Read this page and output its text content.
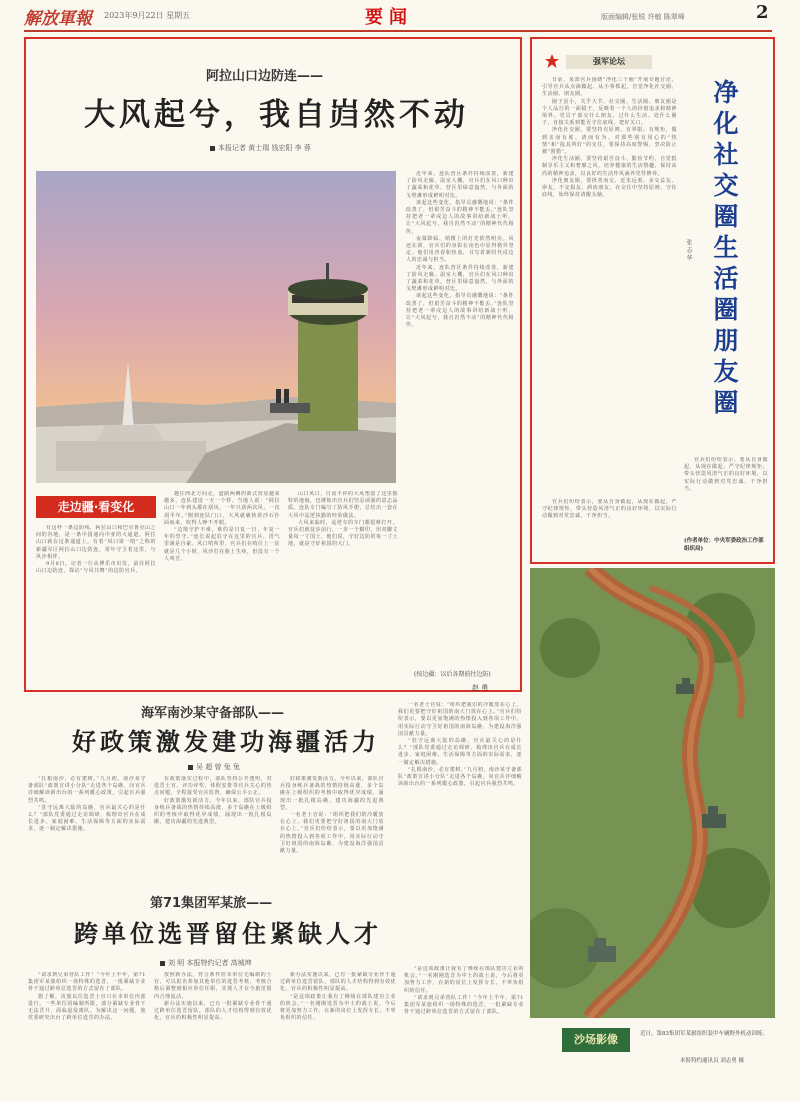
解放軍報 2023年9月22日 星期五	要闻	版面编辑/张锐 许敏 陈翠峰	2
阿拉山口边防连——
大风起兮，我自岿然不动
本报记者 黄士瑞 钱宏阳 李 蓉
走边疆·看变化

有这样一条边防线，阿拉山口和巴尔鲁克山之间的谷地，是一条中国通向中亚的大通道。阿拉山口就在这条通道上。有着“风口第一哨”之称的新疆军区阿拉山口边防连，常年守卫着这里，与风沙相伴。

9月8日，记者一行从博乐市出发，前往阿拉山口边防连，探访“与风共舞”的边防官兵。

越往西北方向走，道路两侧的新式营房越来越多，连队建设一天一个样。当地人说：“阿拉山口一年到头都在刮风，一年只刮两次风，一次刮半年。”刚到连队门口，大风就裹挟着沙石扑面而来，吹得人睁不开眼。

“边境守护不难，难的是日复一日、年复一年的坚守。”连长说起驻守在这里的官兵，语气里满是自豪。风口哨所里，官兵们在哨位上一站就是几个小时，风沙打在脸上生疼，但没有一个人叫苦。

山口风口，日夜不停的大风塑造了这里独特的地貌，也锤炼出官兵们坚忍顽强的意志品质。连队专门编写了防风手册，总结出一套在大风中巡逻执勤的经验做法。

大风来临时，巡逻车的车门都很难打开，官兵们就徒步前行，一步一个脚印，用双脚丈量每一寸国土。他们说，守好边防的每一寸土地，就是守好祖国的大门。

近年来，连队营区条件持续改善，新建了防风走廊、温室大棚，官兵们在风口种出了蔬菜和花草。营区里绿意盎然，与外面的戈壁滩形成鲜明对比。

谈起这些变化，指导员感慨地说：“条件改善了，但艰苦奋斗的精神不能丢。”连队坚持把老一辈戍边人的故事讲给新战士听，让“大风起兮，我自岿然不动”的精神代代相传。

夜幕降临，哨楼上的灯光依然明亮。风还在刮，官兵们的身影在夜色中显得格外坚定。他们用青春和热血，书写着新时代戍边人的忠诚与担当。

近年来，连队营区条件持续改善，新建了防风走廊、温室大棚，官兵们在风口种出了蔬菜和花草。营区里绿意盎然，与外面的戈壁滩形成鲜明对比。

谈起这些变化，指导员感慨地说：“条件改善了，但艰苦奋斗的精神不能丢。”连队坚持把老一辈戍边人的故事讲给新战士听，让“大风起兮，我自岿然不动”的精神代代相传。

(按边疆：以后各期前往边防)
赵 勇
强军论坛
净化社交圈生活圈朋友圈
张 志 华

日前，某部官兵围绕“净化三个圈”开展专题讨论，引导官兵从点滴做起、从小事抓起，自觉净化社交圈、生活圈、朋友圈。

圈子虽小，关乎大节。社交圈、生活圈、朋友圈是个人品行的一面镜子，反映着一个人的价值追求和精神境界。党员干部交什么朋友、过什么生活、处什么圈子，直接关系到能否守住底线、把好关口。

净化社交圈，要坚持有原则、有界限、有规矩，做到亲而有度、清而有为。对那些别有用心的“热情”和“投其所好”的交往，要保持高度警惕，坚决防止被“围猎”。

净化生活圈，要坚持艰苦奋斗、勤俭节约，自觉抵制享乐主义和奢靡之风，培养健康的生活情趣，保持高尚的精神追求，以良好的生活作风涵养党性修养。

净化朋友圈，要择善而交、近朱远墨，多交益友、诤友，不交损友、酒肉朋友，在交往中坚持原则、守住底线，始终保持清醒头脑。

官兵们纷纷表示，要从自身做起，从现在做起，严守纪律规矩，带头营造风清气正的良好环境，以实际行动做到对党忠诚、干净担当。

官兵们纷纷表示，要从自身做起，从现在做起，严守纪律规矩，带头营造风清气正的良好环境，以实际行动做到对党忠诚、干净担当。

(作者单位：中央军委政治工作部组织局)
海军南沙某守备部队——
好政策激发建功海疆活力
吴 超 曾 兔 兔

“扎根南沙，必有建树。”九月初，南沙某守备部队“政策宣讲小分队”走进各个岛礁，向官兵详细解读新出台的一系列暖心政策，引起官兵强烈共鸣。

“驻守远离大陆的岛礁，官兵最关心的是什么？”部队党委通过走访调研，梳理出官兵在成长进步、家庭困难、生活保障等方面的实际需求，逐一制定解决措施。

在政策落实过程中，部队坚持公开透明，对选晋士官、评功评奖、休假安排等官兵关心的热点问题，全程接受官兵监督，确保公平公正。

好政策激发新活力。今年以来，部队官兵投身练兵备战的热情持续高涨，多个岛礁在上级组织的考核中取得优异成绩，涌现出一批扎根岛礁、建功海疆的先进典型。

好政策激发新活力。今年以来，部队官兵投身练兵备战的热情持续高涨，多个岛礁在上级组织的考核中取得优异成绩，涌现出一批扎根岛礁、建功海疆的先进典型。

一名老士官说：“组织把我们的冷暖放在心上，我们更要把守好祖国的南大门放在心上。”官兵们纷纷表示，要以更加饱满的热情投入到各项工作中，用实际行动守卫好祖国的南海岛礁，为建设海洋强国贡献力量。

一名老士官说：“组织把我们的冷暖放在心上，我们更要把守好祖国的南大门放在心上。”官兵们纷纷表示，要以更加饱满的热情投入到各项工作中，用实际行动守卫好祖国的南海岛礁，为建设海洋强国贡献力量。

“驻守远离大陆的岛礁，官兵最关心的是什么？”部队党委通过走访调研，梳理出官兵在成长进步、家庭困难、生活保障等方面的实际需求，逐一制定解决措施。

“扎根南沙，必有建树。”九月初，南沙某守备部队“政策宣讲小分队”走进各个岛礁，向官兵详细解读新出台的一系列暖心政策，引起官兵强烈共鸣。

第71集团军某旅——
跨单位选晋留住紧缺人才
刘 明 本报特约记者 高城坤

“请求到兄弟营队工作！”今年上半年，第71集团军某旅组织一场特殊的选晋，一批紧缺专业骨干通过跨单位选晋的方式留在了部队。

据了解，该旅以往选晋士官只在本单位内部进行，一些单位因编制所限，部分紧缺专业骨干无法晋升，面临退役离队。为解决这一问题，旅党委研究出台了跨单位选晋的办法。

按照新办法，符合条件但本单位无编制的士官，可以报名参加其他单位的选晋考核，考核合格后调整到相应单位任职，实现人才在全旅范围内合理流动。

新办法实施以来，已有一批紧缺专业骨干通过跨单位选晋留队，部队的人才结构得到有效优化，官兵的积极性明显提高。

新办法实施以来，已有一批紧缺专业骨干通过跨单位选晋留队，部队的人才结构得到有效优化，官兵的积极性明显提高。

“是这项政策让我有了继续在部队建功立业的机会。”一名刚刚选晋为中士的战士说，今后将更加努力工作，在新的岗位上发挥专长，不辜负组织的信任。

“是这项政策让我有了继续在部队建功立业的机会。”一名刚刚选晋为中士的战士说，今后将更加努力工作，在新的岗位上发挥专长，不辜负组织的信任。

“请求到兄弟营队工作！”今年上半年，第71集团军某旅组织一场特殊的选晋，一批紧缺专业骨干通过跨单位选晋的方式留在了部队。

沙场影像	近日，第83集团军某旅组织装甲车辆野外机动训练。
本报特约通讯员 刘志勇 摄
